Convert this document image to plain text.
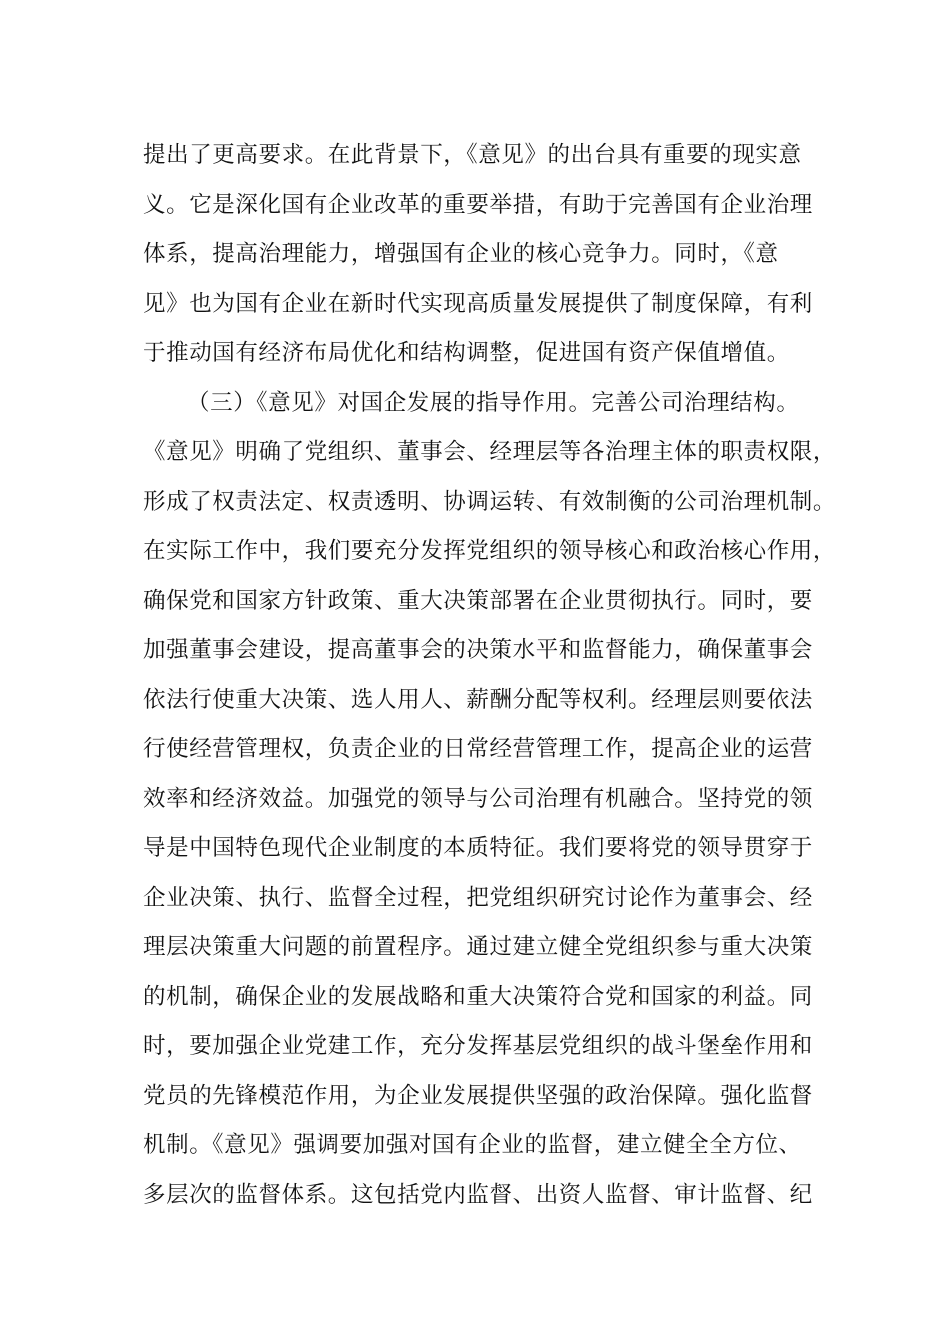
提出了更高要求。在此背景下，《意见》的出台具有重要的现实意
义。它是深化国有企业改革的重要举措，有助于完善国有企业治理
体系，提高治理能力，增强国有企业的核心竞争力。同时，《意
见》也为国有企业在新时代实现高质量发展提供了制度保障，有利
于推动国有经济布局优化和结构调整，促进国有资产保值增值。
（三）《意见》对国企发展的指导作用。完善公司治理结构。
《意见》明确了党组织、董事会、经理层等各治理主体的职责权限，
形成了权责法定、权责透明、协调运转、有效制衡的公司治理机制。
在实际工作中，我们要充分发挥党组织的领导核心和政治核心作用，
确保党和国家方针政策、重大决策部署在企业贯彻执行。同时，要
加强董事会建设，提高董事会的决策水平和监督能力，确保董事会
依法行使重大决策、选人用人、薪酬分配等权利。经理层则要依法
行使经营管理权，负责企业的日常经营管理工作，提高企业的运营
效率和经济效益。加强党的领导与公司治理有机融合。坚持党的领
导是中国特色现代企业制度的本质特征。我们要将党的领导贯穿于
企业决策、执行、监督全过程，把党组织研究讨论作为董事会、经
理层决策重大问题的前置程序。通过建立健全党组织参与重大决策
的机制，确保企业的发展战略和重大决策符合党和国家的利益。同
时，要加强企业党建工作，充分发挥基层党组织的战斗堡垒作用和
党员的先锋模范作用，为企业发展提供坚强的政治保障。强化监督
机制。《意见》强调要加强对国有企业的监督，建立健全全方位、
多层次的监督体系。这包括党内监督、出资人监督、审计监督、纪
